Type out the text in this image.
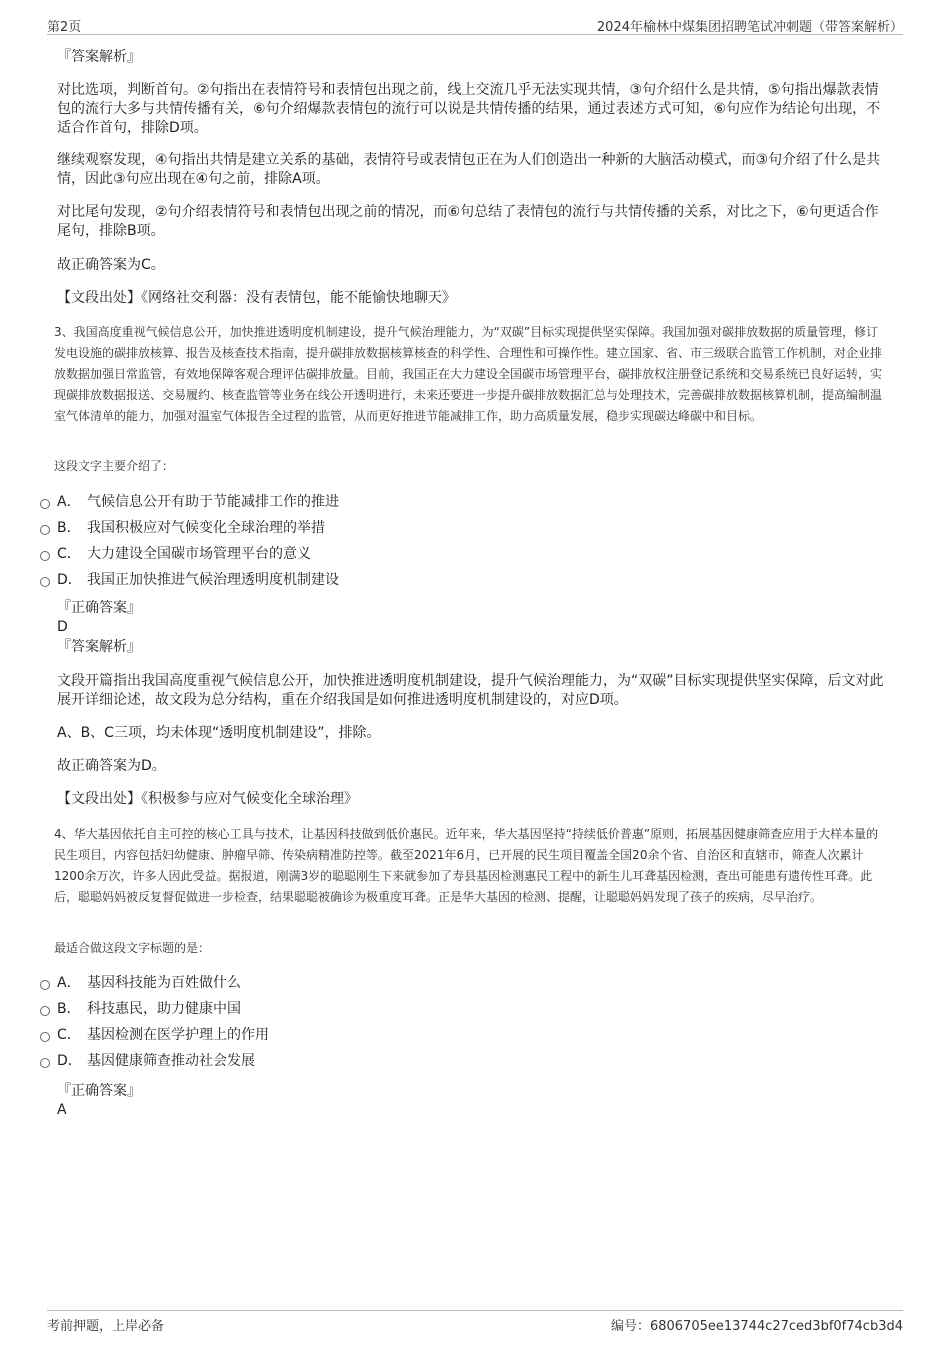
第2页	2024年榆林中煤集团招聘笔试冲刺题（带答案解析）
『答案解析』

对比选项，判断首句。②句指出在表情符号和表情包出现之前，线上交流几乎无法实现共情，③句介绍什么是共情，⑤句指出爆款表情包的流行大多与共情传播有关，⑥句介绍爆款表情包的流行可以说是共情传播的结果，通过表述方式可知，⑥句应作为结论句出现，不适合作首句，排除D项。

继续观察发现，④句指出共情是建立关系的基础，表情符号或表情包正在为人们创造出一种新的大脑活动模式，而③句介绍了什么是共情，因此③句应出现在④句之前，排除A项。

对比尾句发现，②句介绍表情符号和表情包出现之前的情况，而⑥句总结了表情包的流行与共情传播的关系，对比之下，⑥句更适合作尾句，排除B项。

故正确答案为C。

【文段出处】《网络社交利器：没有表情包，能不能愉快地聊天》

3、我国高度重视气候信息公开，加快推进透明度机制建设，提升气候治理能力，为“双碳”目标实现提供坚实保障。我国加强对碳排放数据的质量管理，修订发电设施的碳排放核算、报告及核查技术指南，提升碳排放数据核算核查的科学性、合理性和可操作性。建立国家、省、市三级联合监管工作机制，对企业排放数据加强日常监管，有效地保障客观合理评估碳排放量。目前，我国正在大力建设全国碳市场管理平台，碳排放权注册登记系统和交易系统已良好运转，实现碳排放数据报送、交易履约、核查监管等业务在线公开透明进行，未来还要进一步提升碳排放数据汇总与处理技术，完善碳排放数据核算机制，提高编制温室气体清单的能力，加强对温室气体报告全过程的监管，从而更好推进节能减排工作，助力高质量发展，稳步实现碳达峰碳中和目标。

这段文字主要介绍了：

A． 气候信息公开有助于节能减排工作的推进
B． 我国积极应对气候变化全球治理的举措
C． 大力建设全国碳市场管理平台的意义
D． 我国正加快推进气候治理透明度机制建设
『正确答案』
D
『答案解析』

文段开篇指出我国高度重视气候信息公开，加快推进透明度机制建设，提升气候治理能力，为“双碳”目标实现提供坚实保障，后文对此展开详细论述，故文段为总分结构，重在介绍我国是如何推进透明度机制建设的，对应D项。

A、B、C三项，均未体现“透明度机制建设”，排除。

故正确答案为D。

【文段出处】《积极参与应对气候变化全球治理》

4、华大基因依托自主可控的核心工具与技术，让基因科技做到低价惠民。近年来，华大基因坚持“持续低价普惠”原则，拓展基因健康筛查应用于大样本量的民生项目，内容包括妇幼健康、肿瘤早筛、传染病精准防控等。截至2021年6月，已开展的民生项目覆盖全国20余个省、自治区和直辖市，筛查人次累计1200余万次，许多人因此受益。据报道，刚满3岁的聪聪刚生下来就参加了寿县基因检测惠民工程中的新生儿耳聋基因检测，查出可能患有遗传性耳聋。此后，聪聪妈妈被反复督促做进一步检查，结果聪聪被确诊为极重度耳聋。正是华大基因的检测、提醒，让聪聪妈妈发现了孩子的疾病，尽早治疗。

最适合做这段文字标题的是：

A． 基因科技能为百姓做什么
B． 科技惠民，助力健康中国
C． 基因检测在医学护理上的作用
D． 基因健康筛查推动社会发展
『正确答案』
A
考前押题，上岸必备	编号：6806705ee13744c27ced3bf0f74cb3d4
